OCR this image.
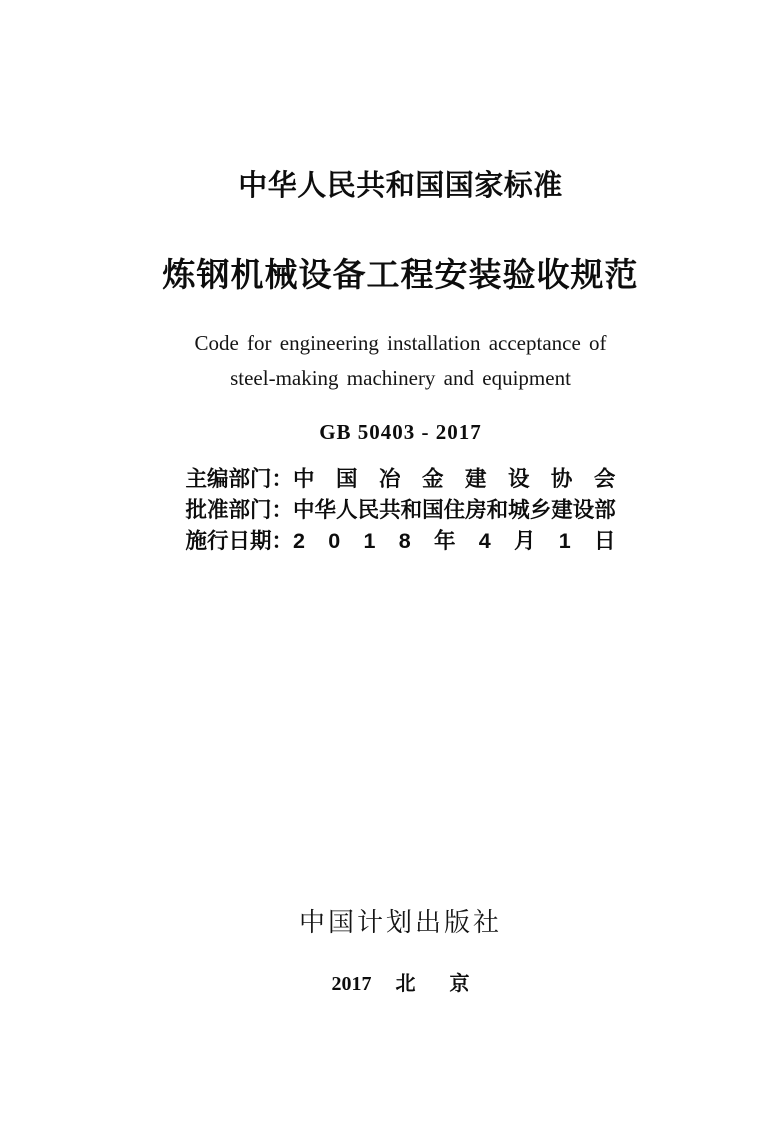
中华人民共和国国家标准
炼钢机械设备工程安装验收规范
Code for engineering installation acceptance of
steel-making machinery and equipment
GB 50403 - 2017
主编部门： 中 国 冶 金 建 设 协 会
批准部门： 中 华 人 民 共 和 国 住 房 和 城 乡 建 设 部
施行日期： 2 0 1 8 年 4 月 1 日
中国计划出版社
2017 北 京
